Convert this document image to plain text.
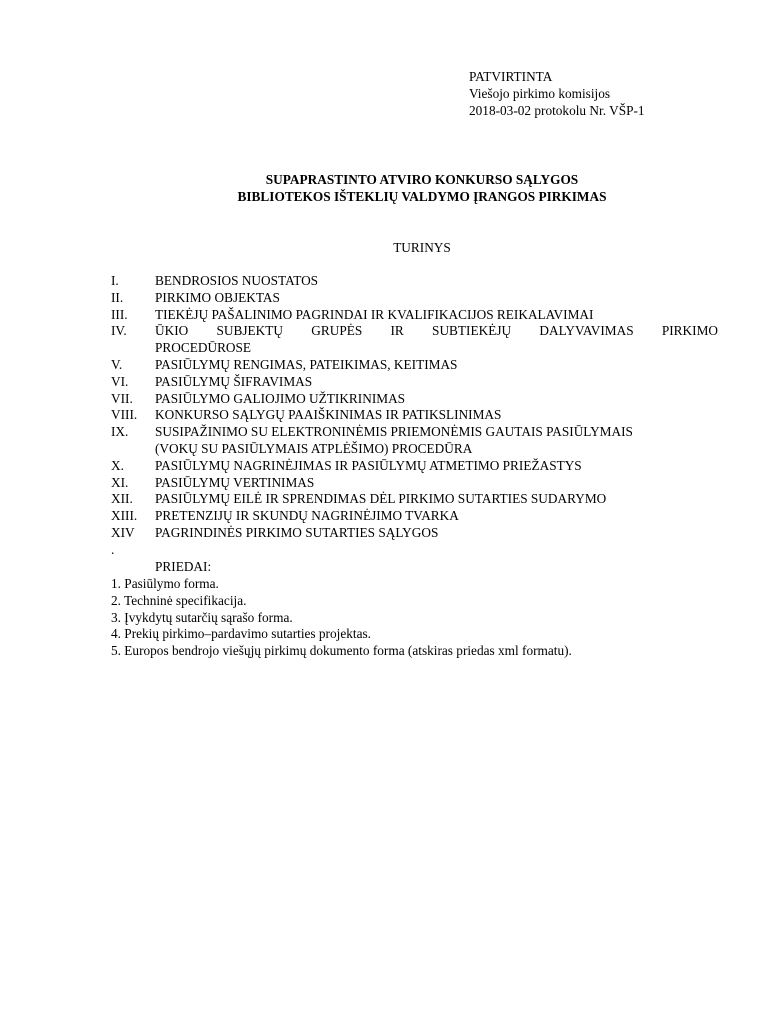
PATVIRTINTA
Viešojo pirkimo komisijos
2018-03-02 protokolu Nr. VŠP-1
SUPAPRASTINTO ATVIRO KONKURSO SĄLYGOS
BIBLIOTEKOS IŠTEKLIŲ VALDYMO ĮRANGOS PIRKIMAS
TURINYS
I.	BENDROSIOS NUOSTATOS
II.	PIRKIMO OBJEKTAS
III.	TIEKĖJŲ PAŠALINIMO PAGRINDAI IR KVALIFIKACIJOS REIKALAVIMAI
IV.	ŪKIO SUBJEKTŲ GRUPĖS IR SUBTIEKĖJŲ DALYVAVIMAS PIRKIMO
PROCEDŪROSE
V.	PASIŪLYMŲ RENGIMAS, PATEIKIMAS, KEITIMAS
VI.	PASIŪLYMŲ ŠIFRAVIMAS
VII.	PASIŪLYMO GALIOJIMO UŽTIKRINIMAS
VIII.	KONKURSO SĄLYGŲ PAAIŠKINIMAS IR PATIKSLINIMAS
IX.	SUSIPAŽINIMO SU ELEKTRONINĖMIS PRIEMONĖMIS GAUTAIS PASIŪLYMAIS
(VOKŲ SU PASIŪLYMAIS ATPLĖŠIMO) PROCEDŪRA
X.	PASIŪLYMŲ NAGRINĖJIMAS IR PASIŪLYMŲ ATMETIMO PRIEŽASTYS
XI.	PASIŪLYMŲ VERTINIMAS
XII.	PASIŪLYMŲ EILĖ IR SPRENDIMAS DĖL PIRKIMO SUTARTIES SUDARYMO
XIII.	PRETENZIJŲ IR SKUNDŲ NAGRINĖJIMO TVARKA
XIV	PAGRINDINĖS PIRKIMO SUTARTIES SĄLYGOS
.
PRIEDAI:
1. Pasiūlymo forma.
2. Techninė specifikacija.
3. Įvykdytų sutarčių sąrašo forma.
4. Prekių pirkimo–pardavimo sutarties projektas.
5. Europos bendrojo viešųjų pirkimų dokumento forma (atskiras priedas xml formatu).
